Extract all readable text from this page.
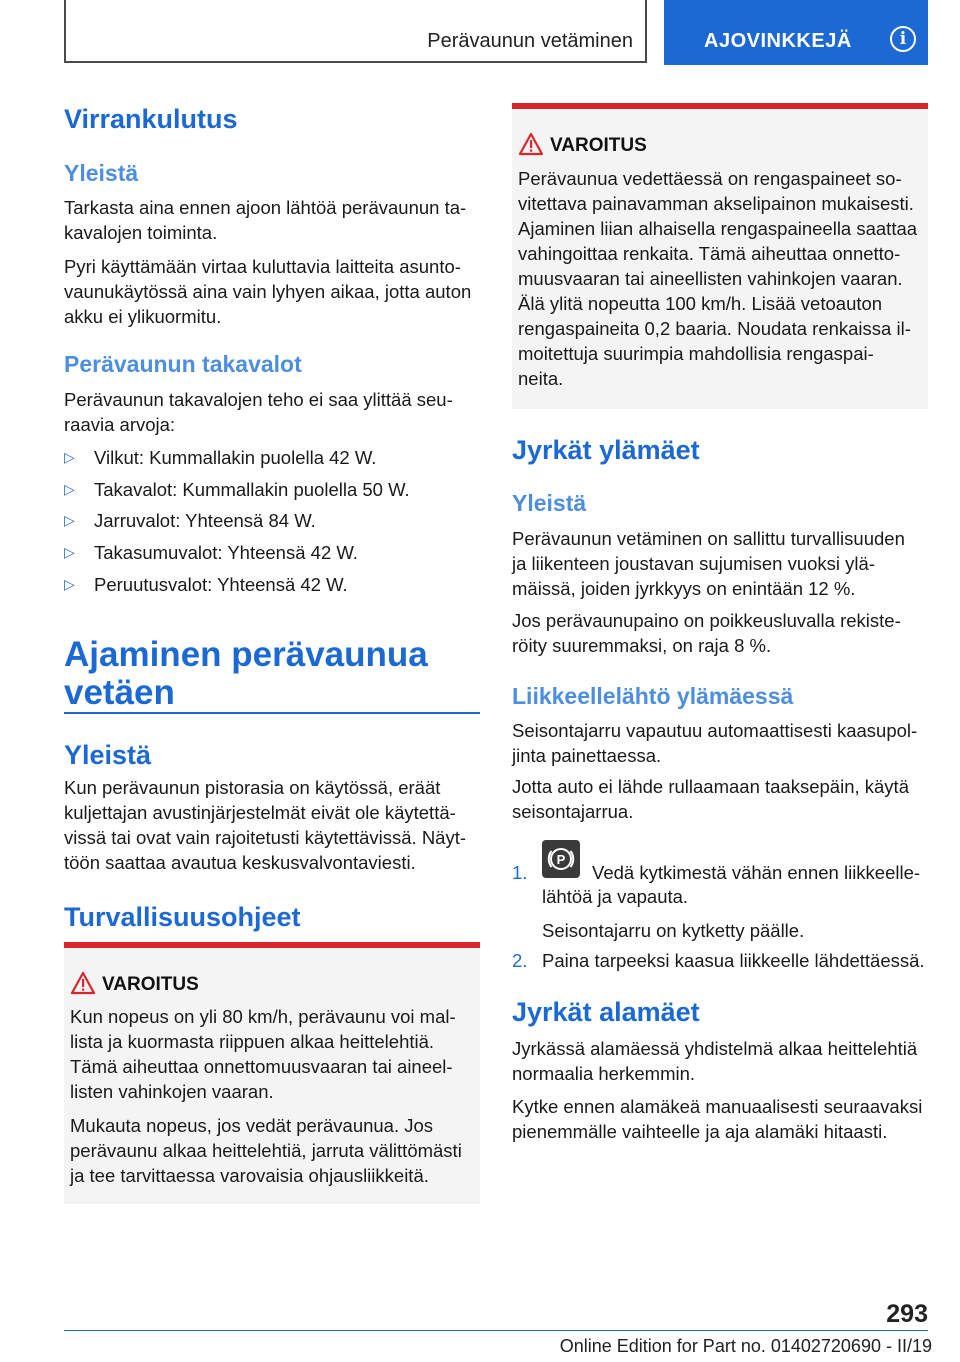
Perävaunun vetäminen	AJOVINKKEJÄ	i
Virrankulutus
Yleistä

Tarkasta aina ennen ajoon lähtöä perävaunun ta-

kavalojen toiminta.

Pyri käyttämään virtaa kuluttavia laitteita asunto-

vaunukäytössä aina vain lyhyen aikaa, jotta auton

akku ei ylikuormitu.

Perävaunun takavalot

Perävaunun takavalojen teho ei saa ylittää seu-

raavia arvoja:

▷ Vilkut: Kummallakin puolella 42 W.
▷ Takavalot: Kummallakin puolella 50 W.
▷ Jarruvalot: Yhteensä 84 W.
▷ Takasumuvalot: Yhteensä 42 W.
▷ Peruutusvalot: Yhteensä 42 W.
Ajaminen perävaunua
vetäen
Yleistä

Kun perävaunun pistorasia on käytössä, eräät

kuljettajan avustinjärjestelmät eivät ole käytettä-

vissä tai ovat vain rajoitetusti käytettävissä. Näyt-

töön saattaa avautua keskusvalvontaviesti.

Turvallisuusohjeet
VAROITUS

Kun nopeus on yli 80 km/h, perävaunu voi mal-

lista ja kuormasta riippuen alkaa heittelehtiä.

Tämä aiheuttaa onnettomuusvaaran tai aineel-

listen vahinkojen vaaran.

Mukauta nopeus, jos vedät perävaunua. Jos

perävaunu alkaa heittelehtiä, jarruta välittömästi

ja tee tarvittaessa varovaisia ohjausliikkeitä.

VAROITUS

Perävaunua vedettäessä on rengaspaineet so-

vitettava painavamman akselipainon mukaisesti.

Ajaminen liian alhaisella rengaspaineella saattaa

vahingoittaa renkaita. Tämä aiheuttaa onnetto-

muusvaaran tai aineellisten vahinkojen vaaran.

Älä ylitä nopeutta 100 km/h. Lisää vetoauton

rengaspaineita 0,2 baaria. Noudata renkaissa il-

moitettuja suurimpia mahdollisia rengaspai-

neita.

Jyrkät ylämäet
Yleistä

Perävaunun vetäminen on sallittu turvallisuuden

ja liikenteen joustavan sujumisen vuoksi ylä-

mäissä, joiden jyrkkyys on enintään 12 %.

Jos perävaunupaino on poikkeusluvalla rekiste-

röity suuremmaksi, on raja 8 %.

Liikkeellelähtö ylämäessä

Seisontajarru vapautuu automaattisesti kaasupol-

jinta painettaessa.

Jotta auto ei lähde rullaamaan taaksepäin, käytä

seisontajarrua.

1.
P
Vedä kytkimestä vähän ennen liikkeelle-
lähtöä ja vapauta.
Seisontajarru on kytketty päälle.
2. Paina tarpeeksi kaasua liikkeelle lähdettäessä.
Jyrkät alamäet

Jyrkässä alamäessä yhdistelmä alkaa heittelehtiä

normaalia herkemmin.

Kytke ennen alamäkeä manuaalisesti seuraavaksi

pienemmälle vaihteelle ja aja alamäki hitaasti.

293
Online Edition for Part no. 01402720690 - II/19
